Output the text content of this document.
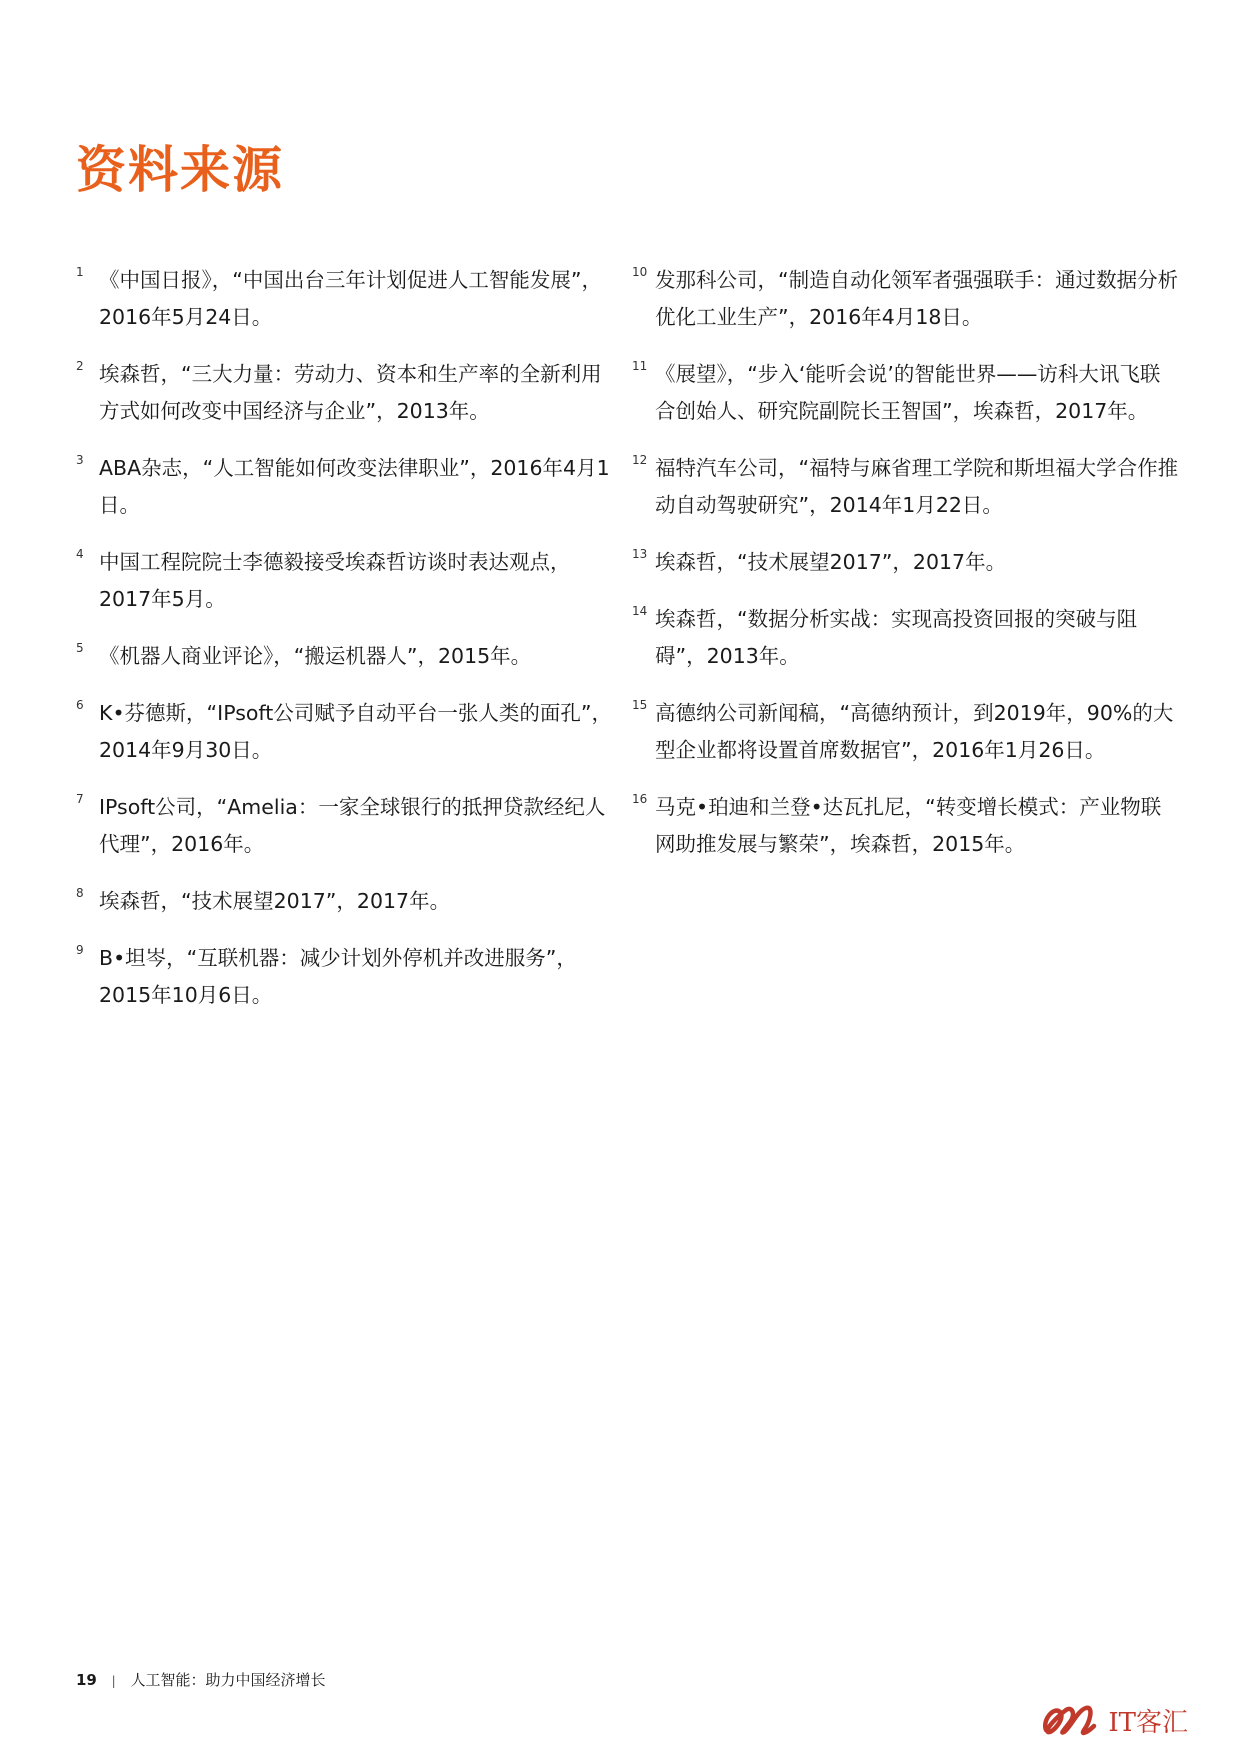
资料来源
1 《中国日报》，“中国出台三年计划促进人工智能发展”，2016年5月24日。
2 埃森哲，“三大力量：劳动力、资本和生产率的全新利用方式如何改变中国经济与企业”，2013年。
3 ABA杂志，“人工智能如何改变法律职业”，2016年4月1日。
4 中国工程院院士李德毅接受埃森哲访谈时表达观点，2017年5月。
5 《机器人商业评论》，“搬运机器人”，2015年。
6 K•芬德斯，“IPsoft公司赋予自动平台一张人类的面孔”，2014年9月30日。
7 IPsoft公司，“Amelia：一家全球银行的抵押贷款经纪人代理”，2016年。
8 埃森哲，“技术展望2017”，2017年。
9 B•坦岑，“互联机器：减少计划外停机并改进服务”，2015年10月6日。
10 发那科公司，“制造自动化领军者强强联手：通过数据分析优化工业生产”，2016年4月18日。
11 《展望》，“步入‘能听会说’的智能世界——访科大讯飞联合创始人、研究院副院长王智国”，埃森哲，2017年。
12 福特汽车公司，“福特与麻省理工学院和斯坦福大学合作推动自动驾驶研究”，2014年1月22日。
13 埃森哲，“技术展望2017”，2017年。
14 埃森哲，“数据分析实战：实现高投资回报的突破与阻碍”，2013年。
15 高德纳公司新闻稿，“高德纳预计，到2019年，90%的大型企业都将设置首席数据官”，2016年1月26日。
16 马克•珀迪和兰登•达瓦扎尼，“转变增长模式：产业物联网助推发展与繁荣”，埃森哲，2015年。
19 | 人工智能：助力中国经济增长
IT客汇
